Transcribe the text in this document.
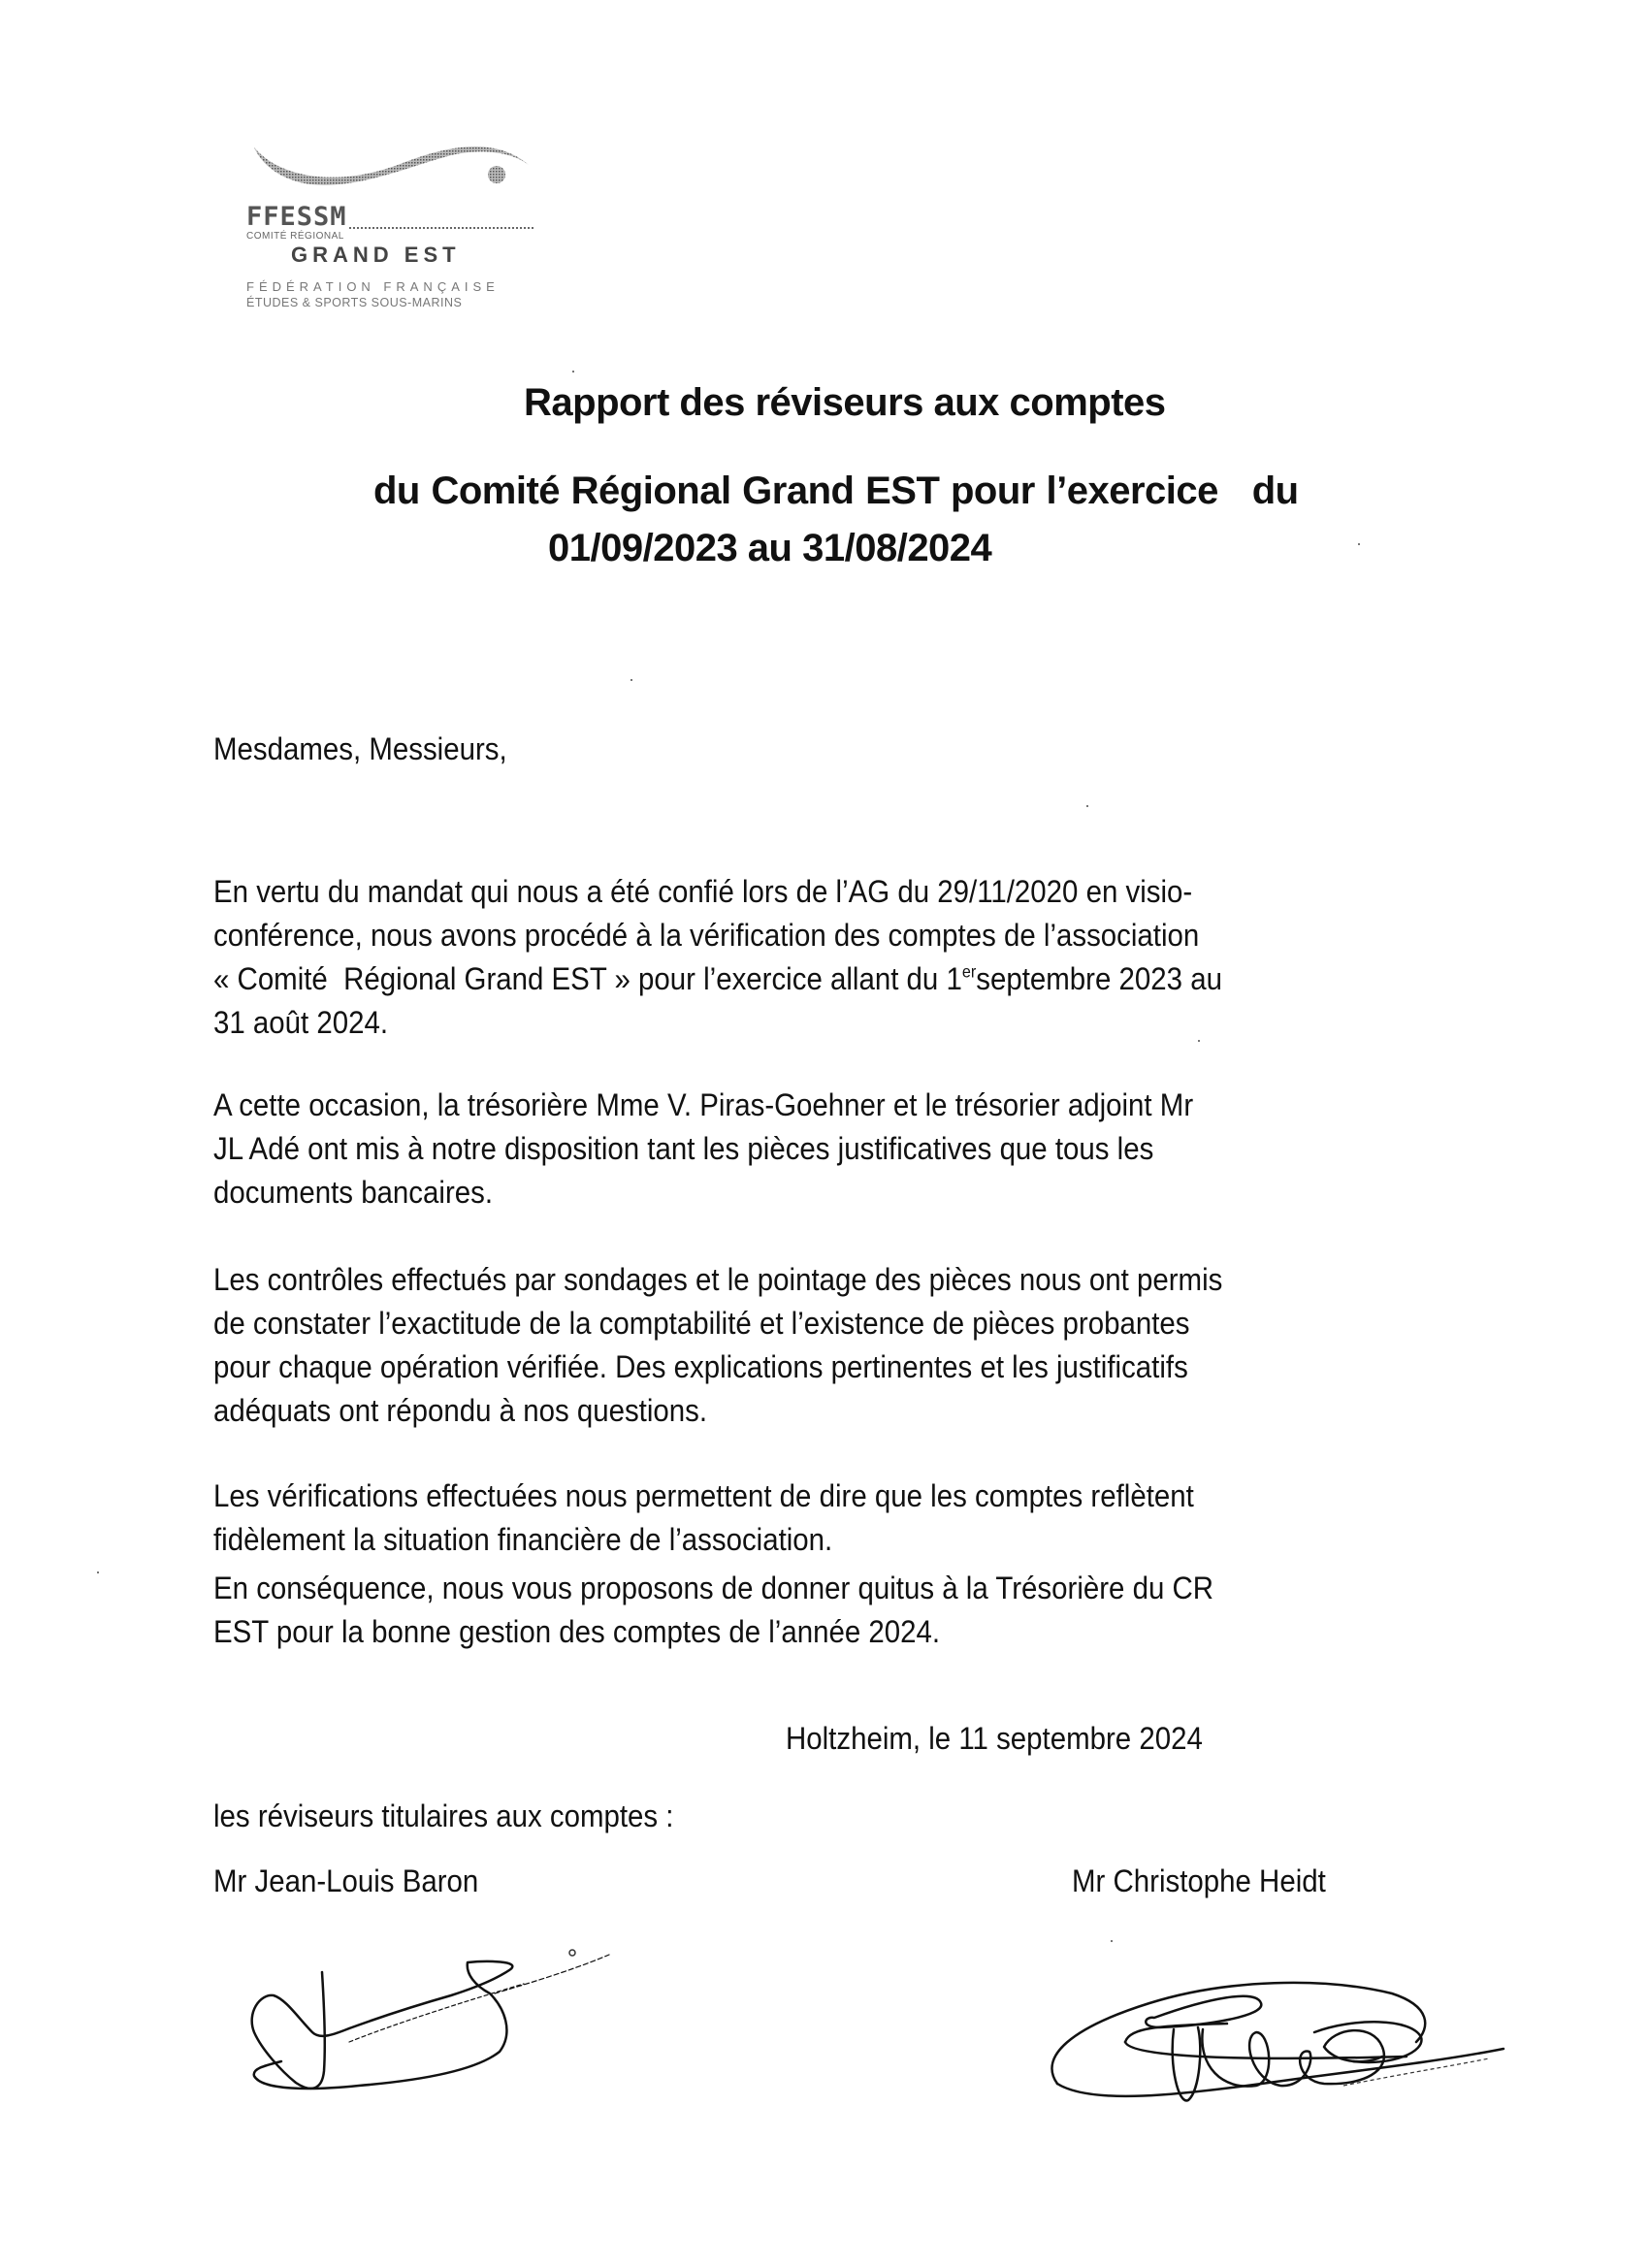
FFESSM
COMITÉ RÉGIONAL
GRAND EST
FÉDÉRATION FRANÇAISE
ÉTUDES & SPORTS SOUS-MARINS
Rapport des réviseurs aux comptes
du Comité Régional Grand EST pour l’exercice   du
01/09/2023 au 31/08/2024
Mesdames, Messieurs,
En vertu du mandat qui nous a été confié lors de l’AG du 29/11/2020 en visio-
conférence, nous avons procédé à la vérification des comptes de l’association
« Comité  Régional Grand EST » pour l’exercice allant du 1erseptembre 2023 au
31 août 2024.
A cette occasion, la trésorière Mme V. Piras-Goehner et le trésorier adjoint Mr
JL Adé ont mis à notre disposition tant les pièces justificatives que tous les
documents bancaires.
Les contrôles effectués par sondages et le pointage des pièces nous ont permis
de constater l’exactitude de la comptabilité et l’existence de pièces probantes
pour chaque opération vérifiée. Des explications pertinentes et les justificatifs
adéquats ont répondu à nos questions.
Les vérifications effectuées nous permettent de dire que les comptes reflètent
fidèlement la situation financière de l’association.
En conséquence, nous vous proposons de donner quitus à la Trésorière du CR
EST pour la bonne gestion des comptes de l’année 2024.
Holtzheim, le 11 septembre 2024
les réviseurs titulaires aux comptes :
Mr Jean-Louis Baron	Mr Christophe Heidt
